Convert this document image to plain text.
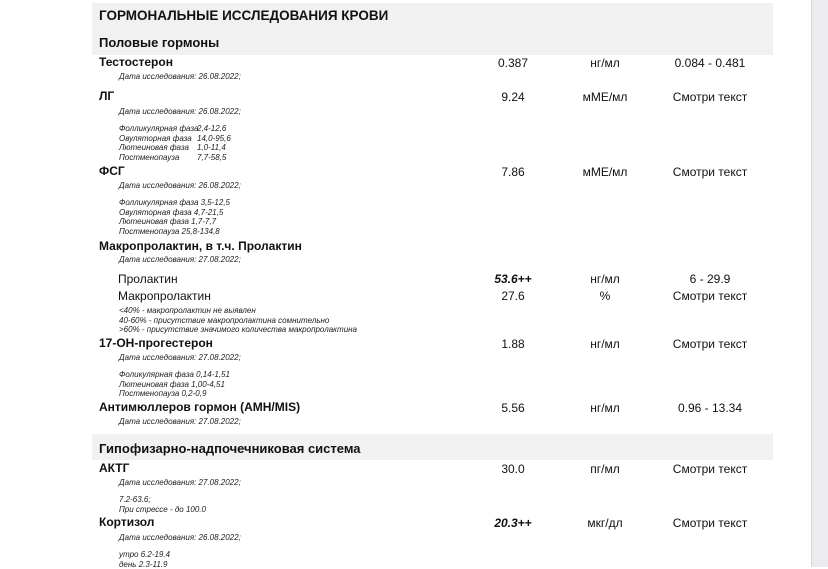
ГОРМОНАЛЬНЫЕ ИССЛЕДОВАНИЯ КРОВИ
Половые гормоны
Гипофизарно-надпочечниковая система
Тестостерон	0.387	нг/мл	0.084 - 0.481
Дата исследования: 26.08.2022;
ЛГ	9.24	мМЕ/мл	Смотри текст
Дата исследования: 26.08.2022;
Фолликулярная фаза2,4-12,6
Овуляторная фаза 14,0-95,6
Лютеиновая фаза 1,0-11,4
Постменопауза 7,7-58,5
ФСГ	7.86	мМЕ/мл	Смотри текст
Дата исследования: 26.08.2022;
Фолликулярная фаза 3,5-12,5
Овуляторная фаза 4,7-21,5
Лютеиновая фаза 1,7-7,7
Постменопауза 25,8-134,8
Макропролактин, в т.ч. Пролактин
Дата исследования: 27.08.2022;
Пролактин	53.6++	нг/мл	6 - 29.9
Макропролактин	27.6	%	Смотри текст
<40% - макропролактин не выявлен
40-60% - присутствие макропролактина сомнительно
>60% - присутствие значимого количества макропролактина
17-ОН-прогестерон	1.88	нг/мл	Смотри текст
Дата исследования: 27.08.2022;
Фоликулярная фаза 0,14-1,51
Лютеиновая фаза 1,00-4,51
Постменопауза 0,2-0,9
Антимюллеров гормон (AMH/MIS)	5.56	нг/мл	0.96 - 13.34
Дата исследования: 27.08.2022;
АКТГ	30.0	пг/мл	Смотри текст
Дата исследования: 27.08.2022;
7.2-63.6;
При стрессе - до 100.0
Кортизол	20.3++	мкг/дл	Смотри текст
Дата исследования: 26.08.2022;
утро 6.2-19.4
день 2.3-11.9
